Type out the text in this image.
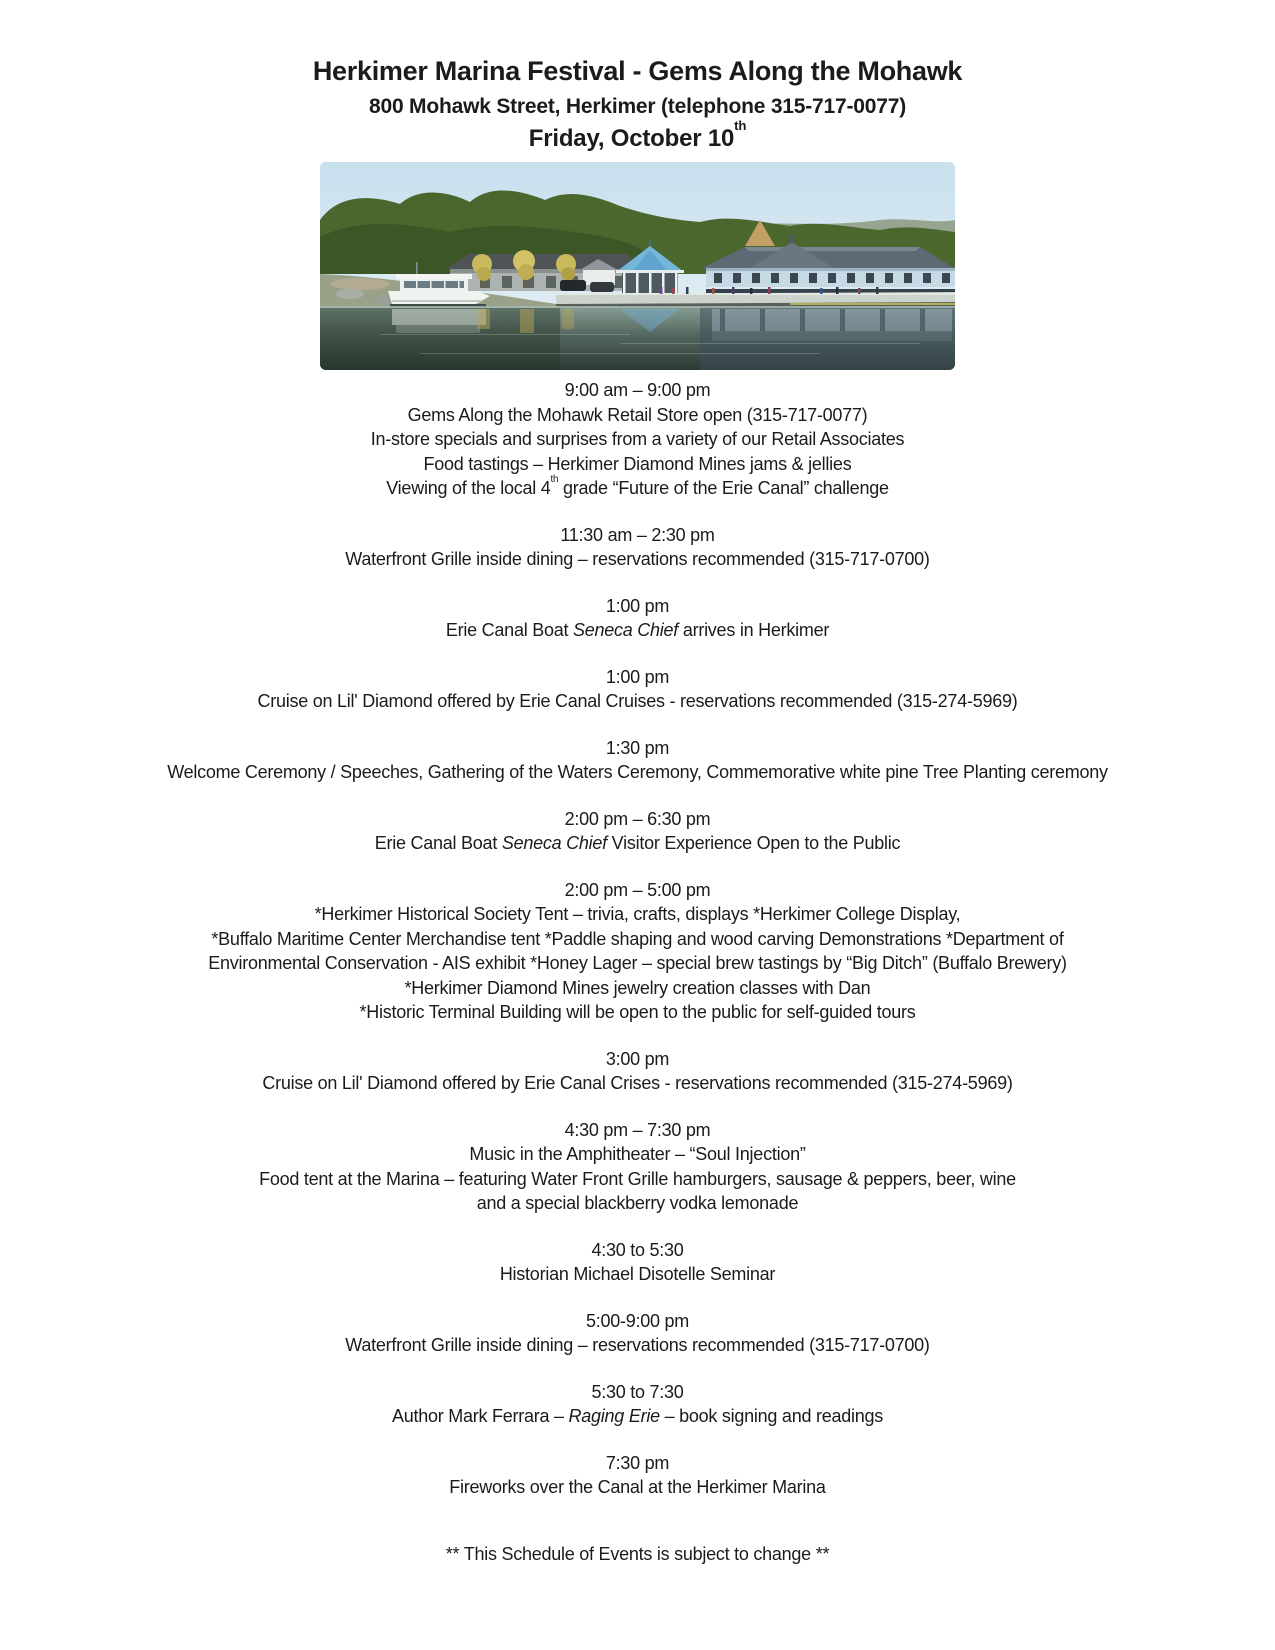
Herkimer Marina Festival - Gems Along the Mohawk
800 Mohawk Street, Herkimer (telephone 315-717-0077)
Friday, October 10th
9:00 am – 9:00 pm
Gems Along the Mohawk Retail Store open (315-717-0077)
In-store specials and surprises from a variety of our Retail Associates
Food tastings – Herkimer Diamond Mines jams & jellies
Viewing of the local 4th grade “Future of the Erie Canal” challenge
11:30 am – 2:30 pm
Waterfront Grille inside dining – reservations recommended (315-717-0700)
1:00 pm
Erie Canal Boat Seneca Chief arrives in Herkimer
1:00 pm
Cruise on Lil' Diamond offered by Erie Canal Cruises - reservations recommended (315-274-5969)
1:30 pm
Welcome Ceremony / Speeches, Gathering of the Waters Ceremony, Commemorative white pine Tree Planting ceremony
2:00 pm – 6:30 pm
Erie Canal Boat Seneca Chief Visitor Experience Open to the Public
2:00 pm – 5:00 pm
*Herkimer Historical Society Tent – trivia, crafts, displays *Herkimer College Display,
*Buffalo Maritime Center Merchandise tent *Paddle shaping and wood carving Demonstrations *Department of
Environmental Conservation - AIS exhibit *Honey Lager – special brew tastings by “Big Ditch” (Buffalo Brewery)
*Herkimer Diamond Mines jewelry creation classes with Dan
*Historic Terminal Building will be open to the public for self-guided tours
3:00 pm
Cruise on Lil' Diamond offered by Erie Canal Crises - reservations recommended (315-274-5969)
4:30 pm – 7:30 pm
Music in the Amphitheater – “Soul Injection”
Food tent at the Marina – featuring Water Front Grille hamburgers, sausage & peppers, beer, wine
and a special blackberry vodka lemonade
4:30 to 5:30
Historian Michael Disotelle Seminar
5:00-9:00 pm
Waterfront Grille inside dining – reservations recommended (315-717-0700)
5:30 to 7:30
Author Mark Ferrara – Raging Erie – book signing and readings
7:30 pm
Fireworks over the Canal at the Herkimer Marina
** This Schedule of Events is subject to change **
